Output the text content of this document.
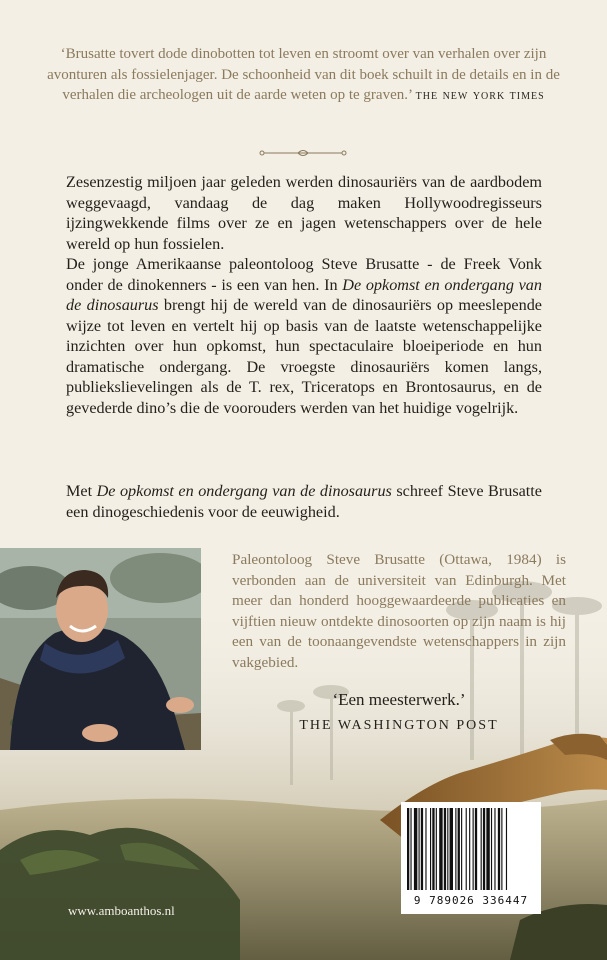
‘Brusatte tovert dode dinobotten tot leven en stroomt over van verhalen over zijn avonturen als fossielenjager. De schoonheid van dit boek schuilt in de details en in de verhalen die archeologen uit de aarde weten op te graven.’ the new york times

Zesenzestig miljoen jaar geleden werden dinosauriërs van de aardbodem weggevaagd, vandaag de dag maken Hollywoodregisseurs ijzingwekkende films over ze en jagen wetenschappers over de hele wereld op hun fossielen.

De jonge Amerikaanse paleontoloog Steve Brusatte - de Freek Vonk onder de dinokenners - is een van hen. In De opkomst en ondergang van de dinosaurus brengt hij de wereld van de dinosauriërs op meeslepende wijze tot leven en vertelt hij op basis van de laatste wetenschappelijke inzichten over hun opkomst, hun spectaculaire bloeiperiode en hun dramatische ondergang. De vroegste dinosauriërs komen langs, publiekslievelingen als de T. rex, Triceratops en Brontosaurus, en de gevederde dino’s die de voorouders werden van het huidige vogelrijk.

Met De opkomst en ondergang van de dinosaurus schreef Steve Brusatte een dinogeschiedenis voor de eeuwigheid.

Paleontoloog Steve Brusatte (Ottawa, 1984) is verbonden aan de universiteit van Edinburgh. Met meer dan honderd hooggewaardeerde publicaties en vijftien nieuw ontdekte dinosoorten op zijn naam is hij een van de toonaangevendste wetenschappers in zijn vakgebied.

‘Een meesterwerk.’
THE WASHINGTON POST
9 789026 336447
www.amboanthos.nl
